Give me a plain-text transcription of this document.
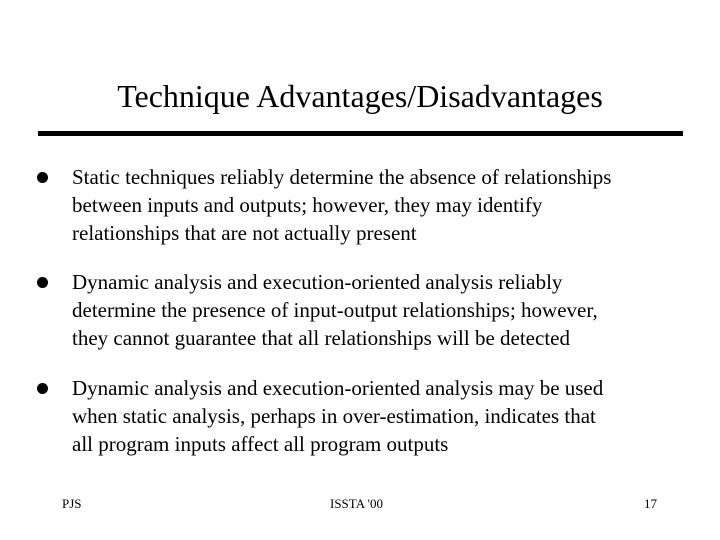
Technique Advantages/Disadvantages
Static techniques reliably determine the absence of relationships
between inputs and outputs; however, they may identify
relationships that are not actually present
Dynamic analysis and execution-oriented analysis reliably
determine the presence of input-output relationships; however,
they cannot guarantee that all relationships will be detected
Dynamic analysis and execution-oriented analysis may be used
when static analysis, perhaps in over-estimation, indicates that
all program inputs affect all program outputs
PJS	ISSTA '00	17
